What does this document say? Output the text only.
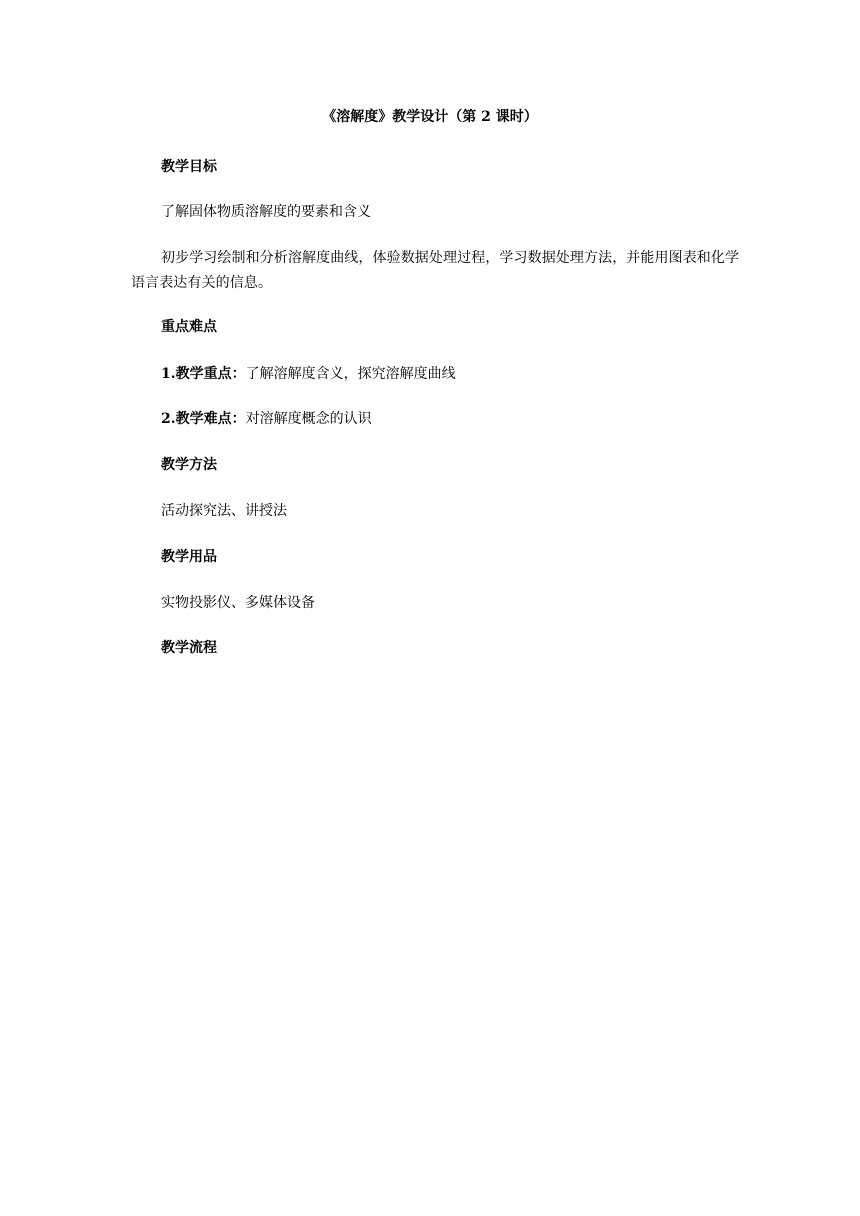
《溶解度》教学设计（第 2 课时）
教学目标
了解固体物质溶解度的要素和含义
初步学习绘制和分析溶解度曲线，体验数据处理过程，学习数据处理方法，并能用图表和化学语言表达有关的信息。
重点难点
1.教学重点：了解溶解度含义，探究溶解度曲线
2.教学难点：对溶解度概念的认识
教学方法
活动探究法、讲授法
教学用品
实物投影仪、多媒体设备
教学流程
